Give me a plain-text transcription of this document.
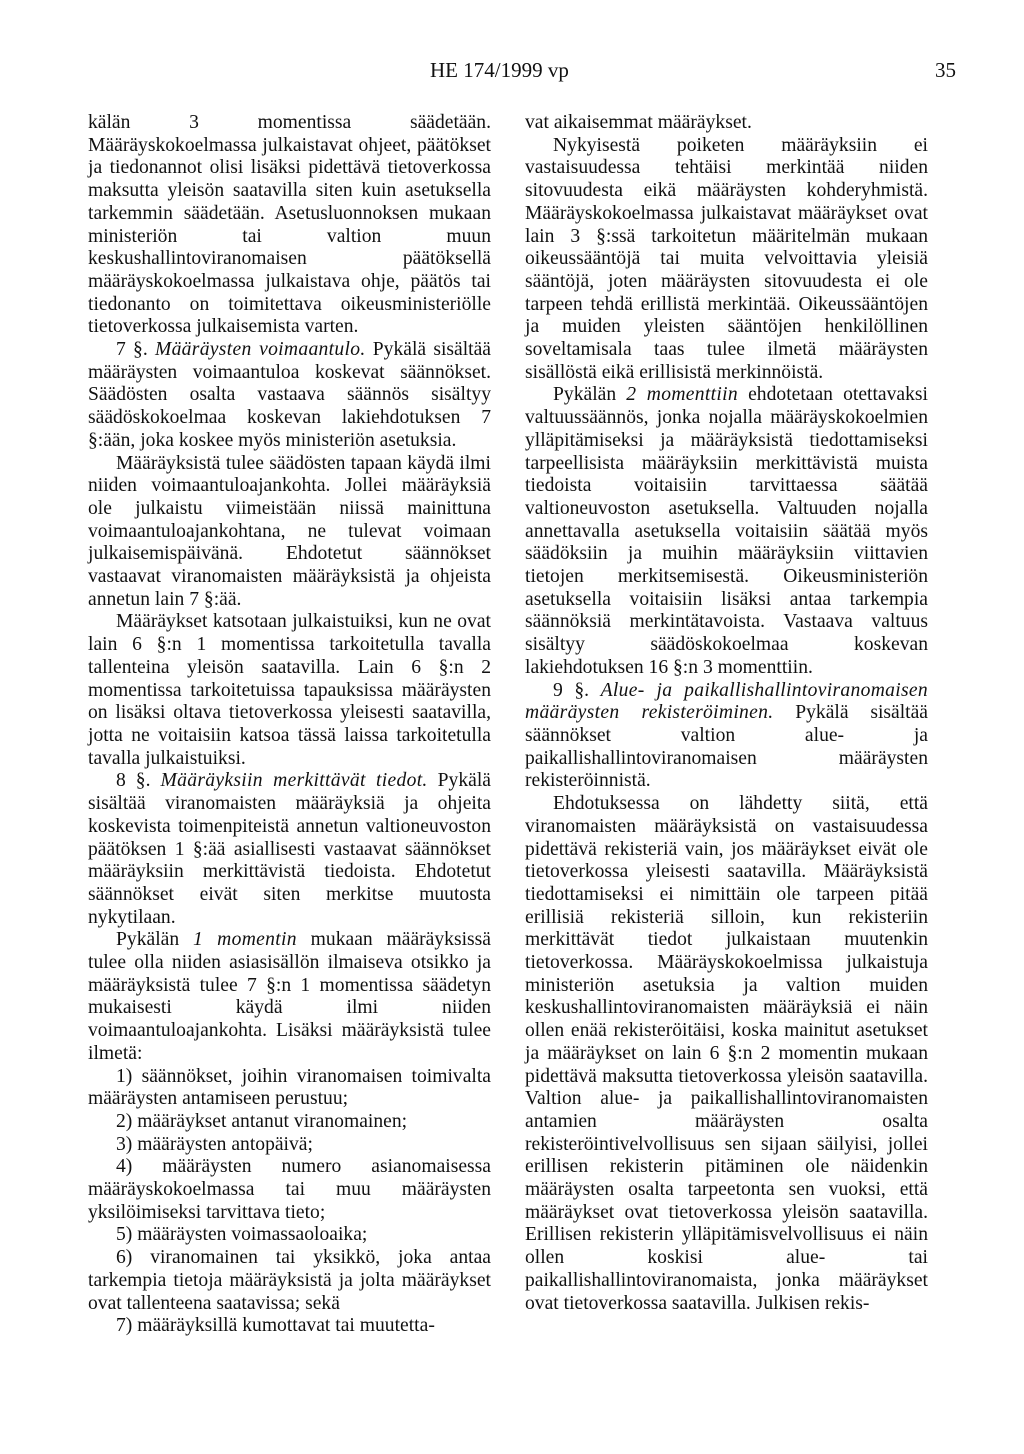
HE 174/1999 vp	35

kälän 3 momentissa säädetään. Määräyskokoelmassa julkaistavat ohjeet, päätökset ja tiedonannot olisi lisäksi pidettävä tietoverkossa maksutta yleisön saatavilla siten kuin asetuksella tarkemmin säädetään. Asetusluonnoksen mukaan ministeriön tai valtion muun keskushallintoviranomaisen päätöksellä määräyskokoelmassa julkaistava ohje, päätös tai tiedonanto on toimitettava oikeusministeriölle tietoverkossa julkaisemista varten.

7 §. Määräysten voimaantulo. Pykälä sisältää määräysten voimaantuloa koskevat säännökset. Säädösten osalta vastaava säännös sisältyy säädöskokoelmaa koskevan lakiehdotuksen 7 §:ään, joka koskee myös ministeriön asetuksia.

Määräyksistä tulee säädösten tapaan käydä ilmi niiden voimaantuloajankohta. Jollei määräyksiä ole julkaistu viimeistään niissä mainittuna voimaantuloajankohtana, ne tulevat voimaan julkaisemispäivänä. Ehdotetut säännökset vastaavat viranomaisten määräyksistä ja ohjeista annetun lain 7 §:ää.

Määräykset katsotaan julkaistuiksi, kun ne ovat lain 6 §:n 1 momentissa tarkoitetulla tavalla tallenteina yleisön saatavilla. Lain 6 §:n 2 momentissa tarkoitetuissa tapauksissa määräysten on lisäksi oltava tietoverkossa yleisesti saatavilla, jotta ne voitaisiin katsoa tässä laissa tarkoitetulla tavalla julkaistuiksi.

8 §. Määräyksiin merkittävät tiedot. Pykälä sisältää viranomaisten määräyksiä ja ohjeita koskevista toimenpiteistä annetun valtioneuvoston päätöksen 1 §:ää asiallisesti vastaavat säännökset määräyksiin merkittävistä tiedoista. Ehdotetut säännökset eivät siten merkitse muutosta nykytilaan.

Pykälän 1 momentin mukaan määräyksissä tulee olla niiden asiasisällön ilmaiseva otsikko ja määräyksistä tulee 7 §:n 1 momentissa säädetyn mukaisesti käydä ilmi niiden voimaantuloajankohta. Lisäksi määräyksistä tulee ilmetä:

1) säännökset, joihin viranomaisen toimivalta määräysten antamiseen perustuu;

2) määräykset antanut viranomainen;

3) määräysten antopäivä;

4) määräysten numero asianomaisessa määräyskokoelmassa tai muu määräysten yksilöimiseksi tarvittava tieto;

5) määräysten voimassaoloaika;

6) viranomainen tai yksikkö, joka antaa tarkempia tietoja määräyksistä ja jolta määräykset ovat tallenteena saatavissa; sekä

7) määräyksillä kumottavat tai muutetta-

vat aikaisemmat määräykset.

Nykyisestä poiketen määräyksiin ei vastaisuudessa tehtäisi merkintää niiden sitovuudesta eikä määräysten kohderyhmistä. Määräyskokoelmassa julkaistavat määräykset ovat lain 3 §:ssä tarkoitetun määritelmän mukaan oikeussääntöjä tai muita velvoittavia yleisiä sääntöjä, joten määräysten sitovuudesta ei ole tarpeen tehdä erillistä merkintää. Oikeussääntöjen ja muiden yleisten sääntöjen henkilöllinen soveltamisala taas tulee ilmetä määräysten sisällöstä eikä erillisistä merkinnöistä.

Pykälän 2 momenttiin ehdotetaan otettavaksi valtuussäännös, jonka nojalla määräyskokoelmien ylläpitämiseksi ja määräyksistä tiedottamiseksi tarpeellisista määräyksiin merkittävistä muista tiedoista voitaisiin tarvittaessa säätää valtioneuvoston asetuksella. Valtuuden nojalla annettavalla asetuksella voitaisiin säätää myös säädöksiin ja muihin määräyksiin viittavien tietojen merkitsemisestä. Oikeusministeriön asetuksella voitaisiin lisäksi antaa tarkempia säännöksiä merkintätavoista. Vastaava valtuus sisältyy säädöskokoelmaa koskevan lakiehdotuksen 16 §:n 3 momenttiin.

9 §. Alue- ja paikallishallintoviranomaisen määräysten rekisteröiminen. Pykälä sisältää säännökset valtion alue- ja paikallishallintoviranomaisen määräysten rekisteröinnistä.

Ehdotuksessa on lähdetty siitä, että viranomaisten määräyksistä on vastaisuudessa pidettävä rekisteriä vain, jos määräykset eivät ole tietoverkossa yleisesti saatavilla. Määräyksistä tiedottamiseksi ei nimittäin ole tarpeen pitää erillisiä rekisteriä silloin, kun rekisteriin merkittävät tiedot julkaistaan muutenkin tietoverkossa. Määräyskokoelmissa julkaistuja ministeriön asetuksia ja valtion muiden keskushallintoviranomaisten määräyksiä ei näin ollen enää rekisteröitäisi, koska mainitut asetukset ja määräykset on lain 6 §:n 2 momentin mukaan pidettävä maksutta tietoverkossa yleisön saatavilla. Valtion alue- ja paikallishallintoviranomaisten antamien määräysten osalta rekisteröintivelvollisuus sen sijaan säilyisi, jollei erillisen rekisterin pitäminen ole näidenkin määräysten osalta tarpeetonta sen vuoksi, että määräykset ovat tietoverkossa yleisön saatavilla. Erillisen rekisterin ylläpitämisvelvollisuus ei näin ollen koskisi alue- tai paikallishallintoviranomaista, jonka määräykset ovat tietoverkossa saatavilla. Julkisen rekis-
